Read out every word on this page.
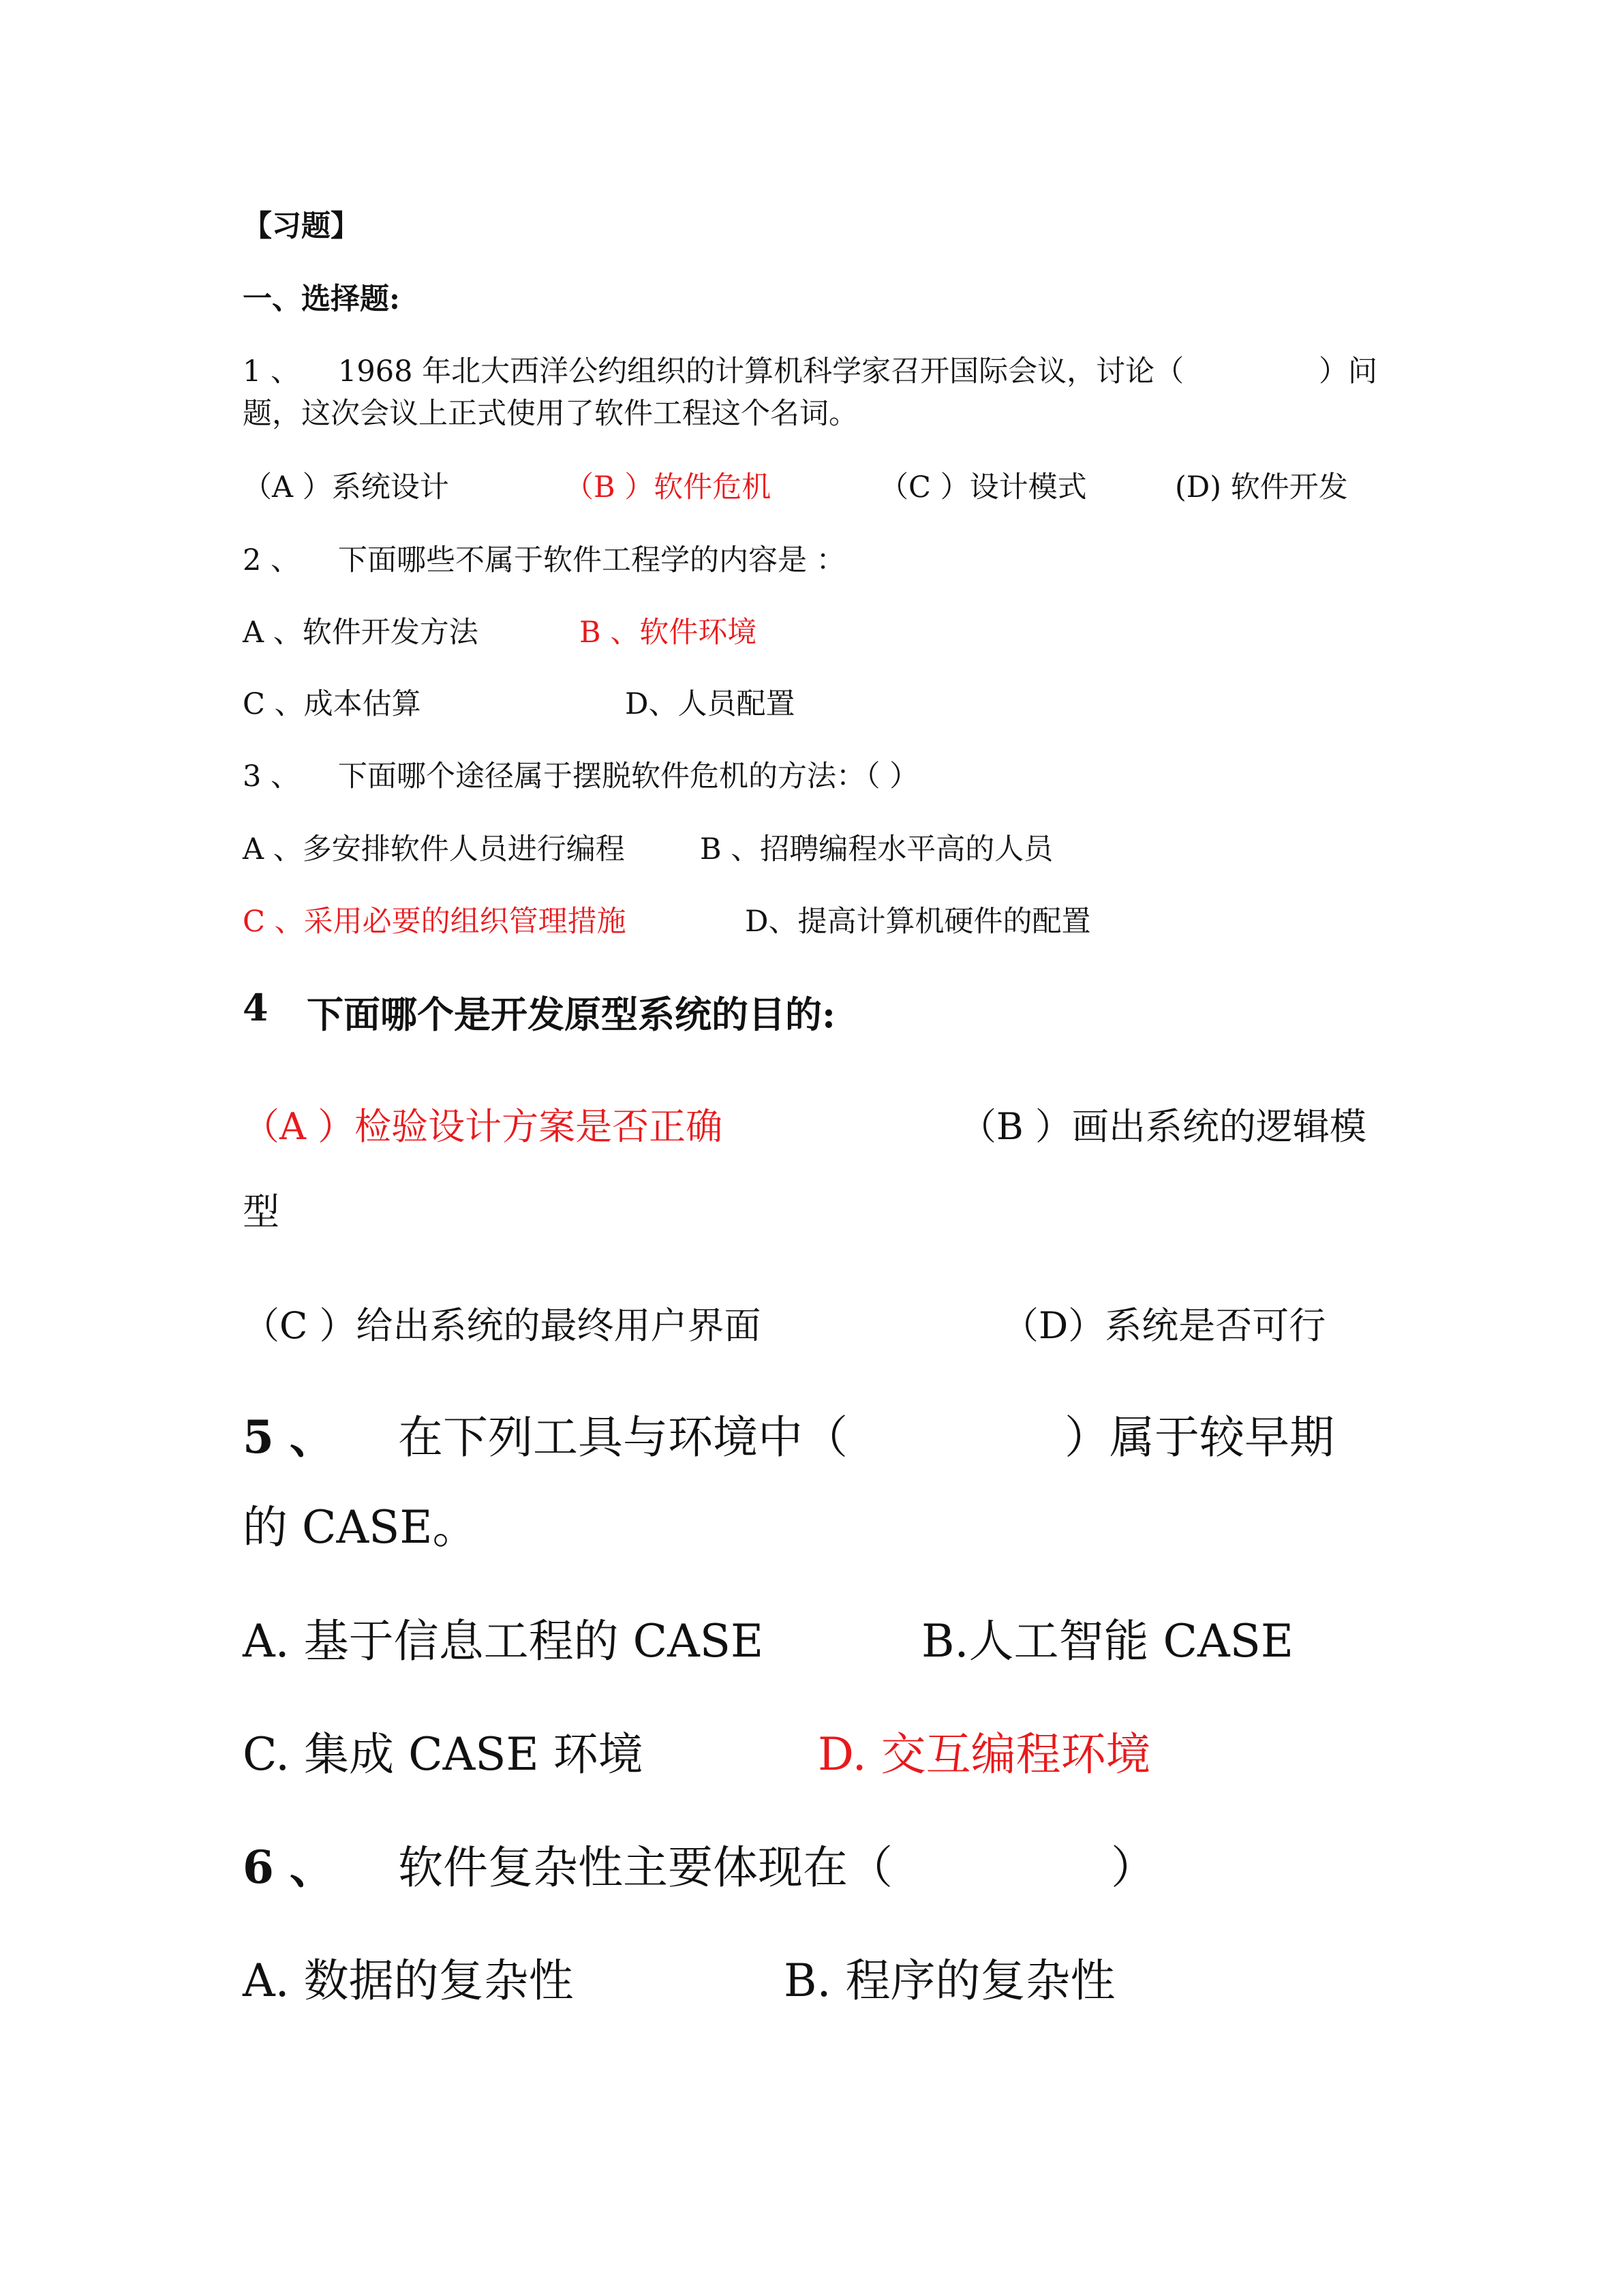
【习题】
一、选择题:
1 、 1968 年北大西洋公约组织的计算机科学家召开国际会议，讨论（	）问
题，这次会议上正式使用了软件工程这个名词。
（A ）系统设计	（B ）软件危机	（C ）设计模式	(D) 软件开发
2 、 下面哪些不属于软件工程学的内容是 ：
A 、软件开发方法	B 、软件环境
C 、成本估算	D、人员配置
3 、 下面哪个途径属于摆脱软件危机的方法：（ ）
A 、多安排软件人员进行编程	B 、招聘编程水平高的人员
C 、采用必要的组织管理措施	D、提高计算机硬件的配置
4 下面哪个是开发原型系统的目的:
（A ）检验设计方案是否正确	（B ）画出系统的逻辑模
型
（C ）给出系统的最终用户界面	（D）系统是否可行
5 、 在下列工具与环境中（	）属于较早期
的 CASE。
A. 基于信息工程的 CASE	B.人工智能 CASE
C. 集成 CASE 环境	D. 交互编程环境
6 、 软件复杂性主要体现在（	）
A. 数据的复杂性	B. 程序的复杂性
